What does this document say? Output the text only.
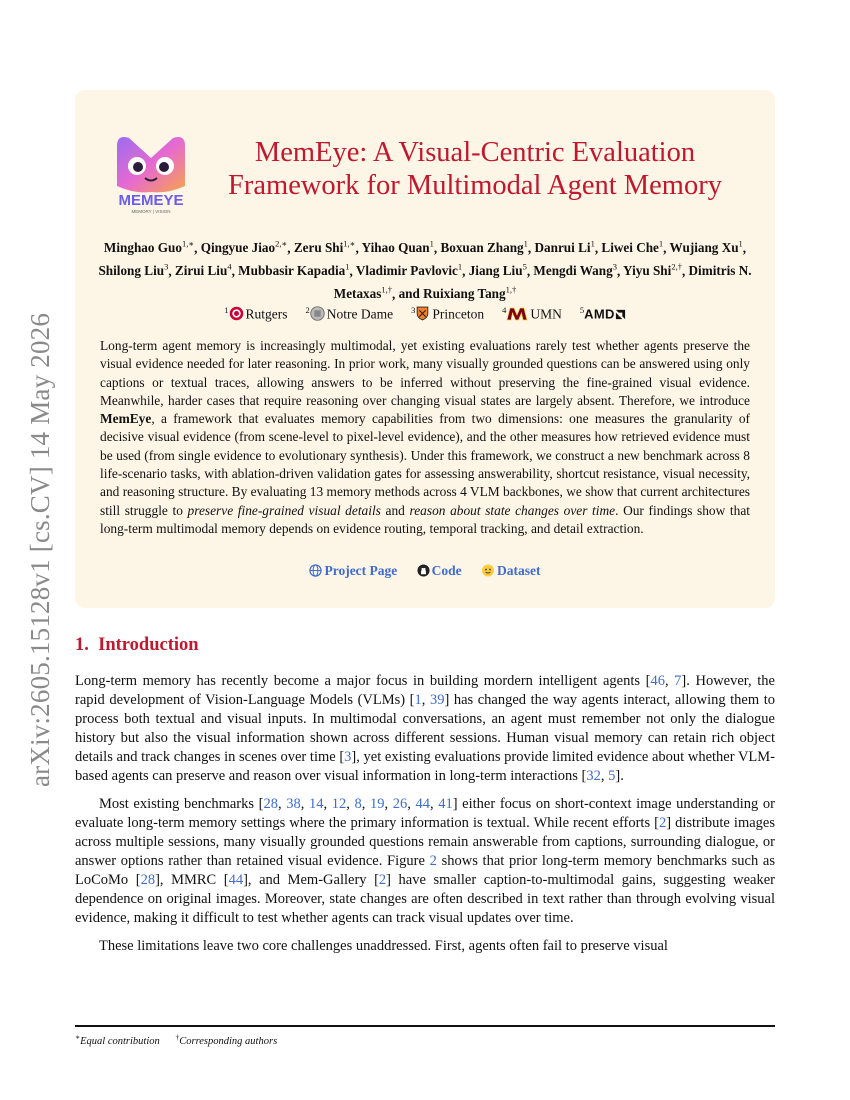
arXiv:2605.15128v1 [cs.CV] 14 May 2026
MEMEYE
MEMORY | VISION
MemEye: A Visual-Centric Evaluation
Framework for Multimodal Agent Memory
Minghao Guo$^{1,∗}$, Qingyue Jiao$^{2,∗}$, Zeru Shi$^{1,∗}$, Yihao Quan$^1$, Boxuan Zhang$^1$, Danrui Li$^1$, Liwei Che$^1$, Wujiang Xu$^1$, Shilong Liu$^3$, Zirui Liu$^4$, Mubbasir Kapadia$^1$, Vladimir Pavlovic$^1$, Jiang Liu$^5$, Mengdi Wang$^3$, Yiyu Shi$^{2,\dagger}$, Dimitris N. Metaxas$^{1,\dagger}$, and Ruixiang Tang$^{1,\dagger}$
$^1$ Rutgers $^2$ Notre Dame $^3$ Princeton $^4$ UMN $^5$AMD
Long-term agent memory is increasingly multimodal, yet existing evaluations rarely test whether agents preserve the visual evidence needed for later reasoning. In prior work, many visually grounded questions can be answered using only captions or textual traces, allowing answers to be inferred without preserving the fine-grained visual evidence. Meanwhile, harder cases that require reasoning over changing visual states are largely absent. Therefore, we introduce MemEye, a framework that evaluates memory capabilities from two dimensions: one measures the granularity of decisive visual evidence (from scene-level to pixel-level evidence), and the other measures how retrieved evidence must be used (from single evidence to evolutionary synthesis). Under this framework, we construct a new benchmark across 8 life-scenario tasks, with ablation-driven validation gates for assessing answerability, shortcut resistance, visual necessity, and reasoning structure. By evaluating 13 memory methods across 4 VLM backbones, we show that current architectures still struggle to preserve fine-grained visual details and reason about state changes over time. Our findings show that long-term multimodal memory depends on evidence routing, temporal tracking, and detail extraction.
Project Page	Code	Dataset
1. Introduction

Long-term memory has recently become a major focus in building mordern intelligent agents [46, 7]. However, the rapid development of Vision-Language Models (VLMs) [1, 39] has changed the way agents interact, allowing them to process both textual and visual inputs. In multimodal conversations, an agent must remember not only the dialogue history but also the visual information shown across different sessions. Human visual memory can retain rich object details and track changes in scenes over time [3], yet existing evaluations provide limited evidence about whether VLM-based agents can preserve and reason over visual information in long-term interactions [32, 5].

Most existing benchmarks [28, 38, 14, 12, 8, 19, 26, 44, 41] either focus on short-context image understanding or evaluate long-term memory settings where the primary information is textual. While recent efforts [2] distribute images across multiple sessions, many visually grounded questions remain answerable from captions, surrounding dialogue, or answer options rather than retained visual evidence. Figure 2 shows that prior long-term memory benchmarks such as LoCoMo [28], MMRC [44], and Mem-Gallery [2] have smaller caption-to-multimodal gains, suggesting weaker dependence on original images. Moreover, state changes are often described in text rather than through evolving visual evidence, making it difficult to test whether agents can track visual updates over time.

These limitations leave two core challenges unaddressed. First, agents often fail to preserve visual

∗Equal contribution †Corresponding authors
